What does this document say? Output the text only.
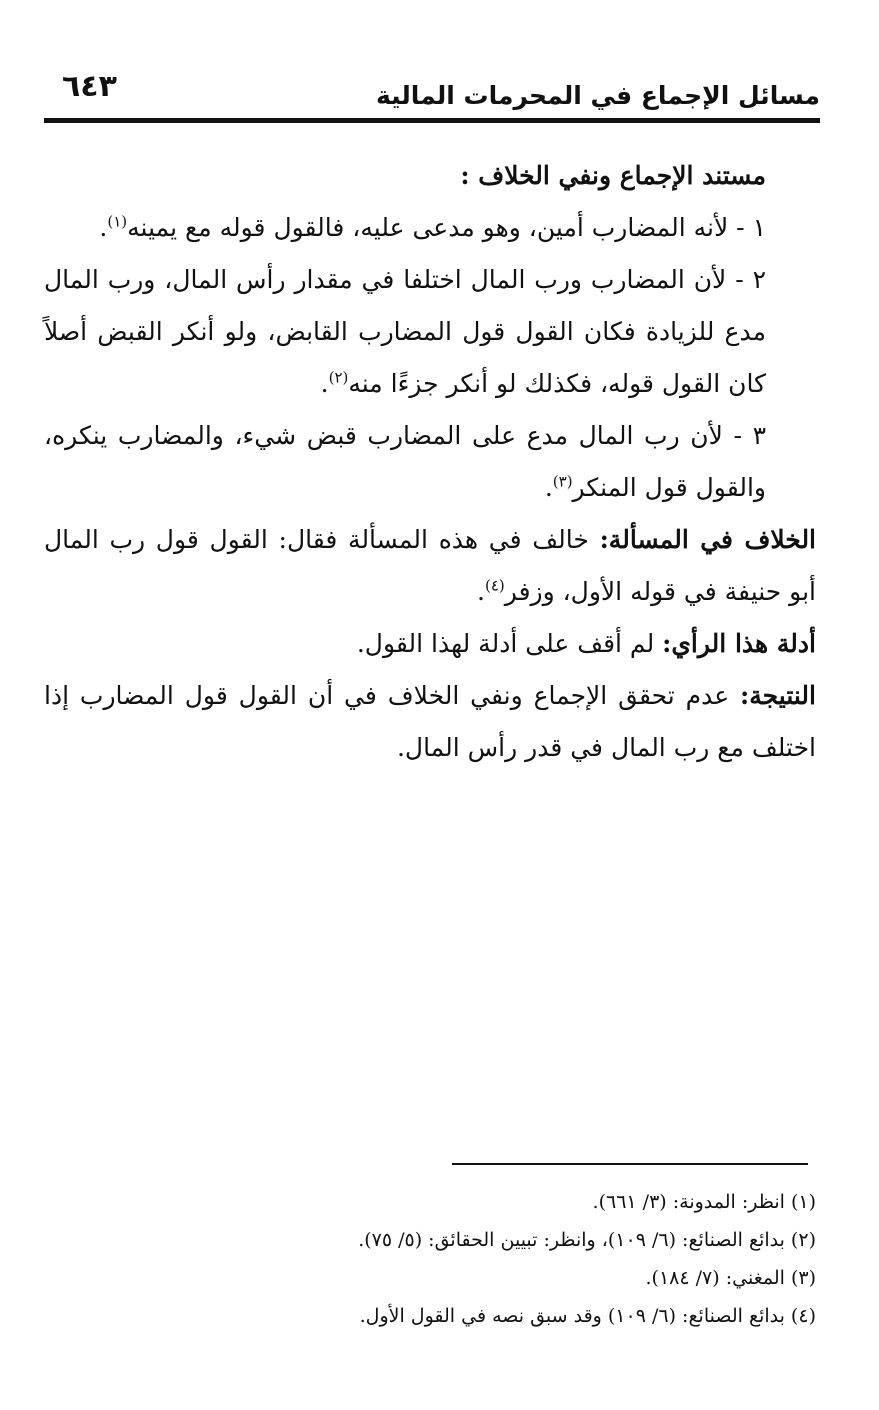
مسائل الإجماع في المحرمات المالية
٦٤٣

مستند الإجماع ونفي الخلاف :

١ - لأنه المضارب أمين، وهو مدعى عليه، فالقول قوله مع يمينه$^{(١)}$.

٢ - لأن المضارب ورب المال اختلفا في مقدار رأس المال، ورب المال مدع للزيادة فكان القول قول المضارب القابض، ولو أنكر القبض أصلاً كان القول قوله، فكذلك لو أنكر جزءًا منه$^{(٢)}$.

٣ - لأن رب المال مدع على المضارب قبض شيء، والمضارب ينكره، والقول قول المنكر$^{(٣)}$.

الخلاف في المسألة: خالف في هذه المسألة فقال: القول قول رب المال أبو حنيفة في قوله الأول، وزفر$^{(٤)}$.

أدلة هذا الرأي: لم أقف على أدلة لهذا القول.

النتيجة: عدم تحقق الإجماع ونفي الخلاف في أن القول قول المضارب إذا اختلف مع رب المال في قدر رأس المال.

(١) انظر: المدونة: (٣/ ٦٦١).

(٢) بدائع الصنائع: (٦/ ١٠٩)، وانظر: تبيين الحقائق: (٥/ ٧٥).

(٣) المغني: (٧/ ١٨٤).

(٤) بدائع الصنائع: (٦/ ١٠٩) وقد سبق نصه في القول الأول.
